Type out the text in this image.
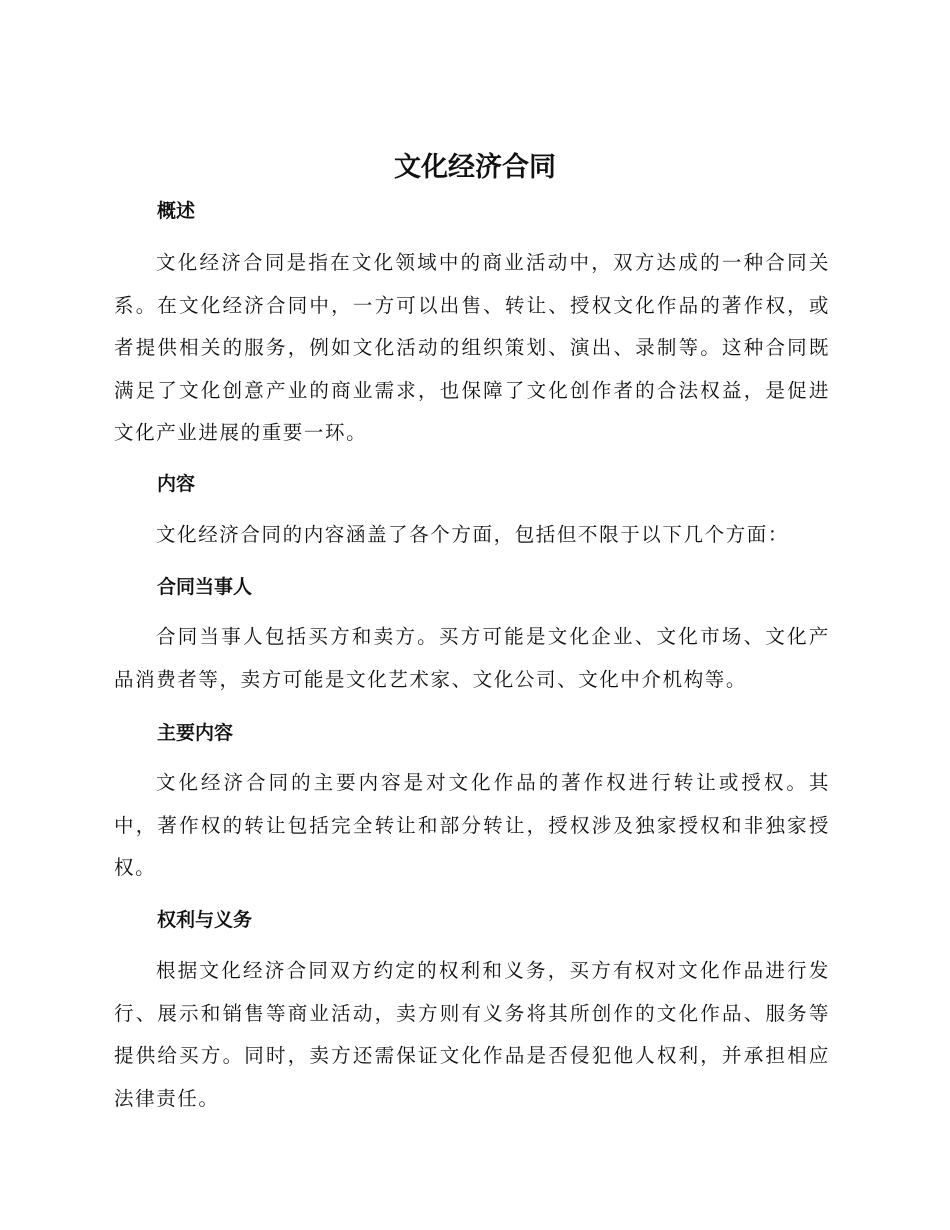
文化经济合同
概述

文化经济合同是指在文化领域中的商业活动中，双方达成的一种合同关系。在文化经济合同中，一方可以出售、转让、授权文化作品的著作权，或者提供相关的服务，例如文化活动的组织策划、演出、录制等。这种合同既满足了文化创意产业的商业需求，也保障了文化创作者的合法权益，是促进文化产业进展的重要一环。

内容

文化经济合同的内容涵盖了各个方面，包括但不限于以下几个方面：

合同当事人

合同当事人包括买方和卖方。买方可能是文化企业、文化市场、文化产品消费者等，卖方可能是文化艺术家、文化公司、文化中介机构等。

主要内容

文化经济合同的主要内容是对文化作品的著作权进行转让或授权。其中，著作权的转让包括完全转让和部分转让，授权涉及独家授权和非独家授权。

权利与义务

根据文化经济合同双方约定的权利和义务，买方有权对文化作品进行发行、展示和销售等商业活动，卖方则有义务将其所创作的文化作品、服务等提供给买方。同时，卖方还需保证文化作品是否侵犯他人权利，并承担相应法律责任。
